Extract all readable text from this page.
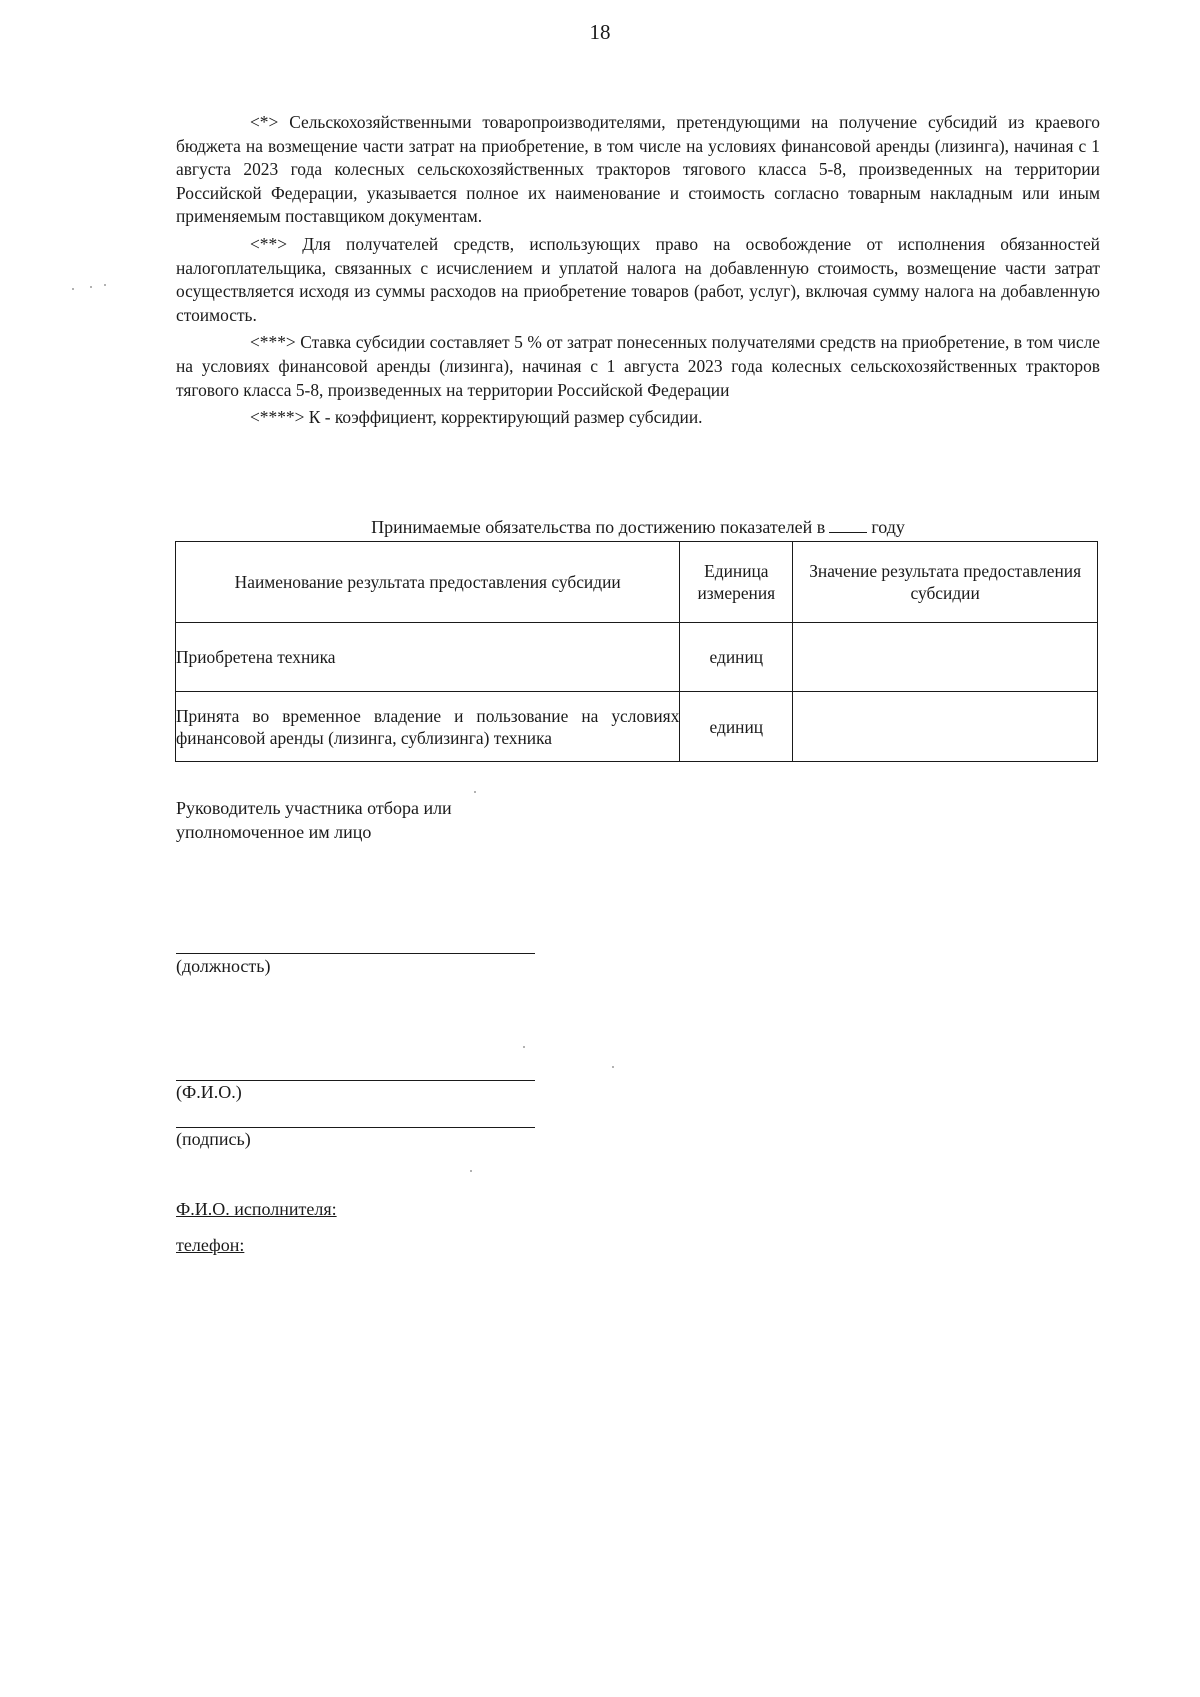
18

<*> Сельскохозяйственными товаропроизводителями, претендующими на получение субсидий из краевого бюджета на возмещение части затрат на приобретение, в том числе на условиях финансовой аренды (лизинга), начиная с 1 августа 2023 года колесных сельскохозяйственных тракторов тягового класса 5-8, произведенных на территории Российской Федерации, указывается полное их наименование и стоимость согласно товарным накладным или иным применяемым поставщиком документам.

<**> Для получателей средств, использующих право на освобождение от исполнения обязанностей налогоплательщика, связанных с исчислением и уплатой налога на добавленную стоимость, возмещение части затрат осуществляется исходя из суммы расходов на приобретение товаров (работ, услуг), включая сумму налога на добавленную стоимость.

<***> Ставка субсидии составляет 5 % от затрат понесенных получателями средств на приобретение, в том числе на условиях финансовой аренды (лизинга), начиная с 1 августа 2023 года колесных сельскохозяйственных тракторов тягового класса 5-8, произведенных на территории Российской Федерации

<****> К - коэффициент, корректирующий размер субсидии.

Принимаемые обязательства по достижению показателей в	году
Наименование результата предоставления субсидии	Единица измерения	Значение результата предоставления субсидии
Приобретена техника	единиц	
Принята во временное владение и пользование на условиях финансовой аренды (лизинга, сублизинга) техника	единиц	
Руководитель участника отбора или
уполномоченное им лицо
(должность)
(Ф.И.О.)
(подпись)
Ф.И.О. исполнителя:
телефон:
